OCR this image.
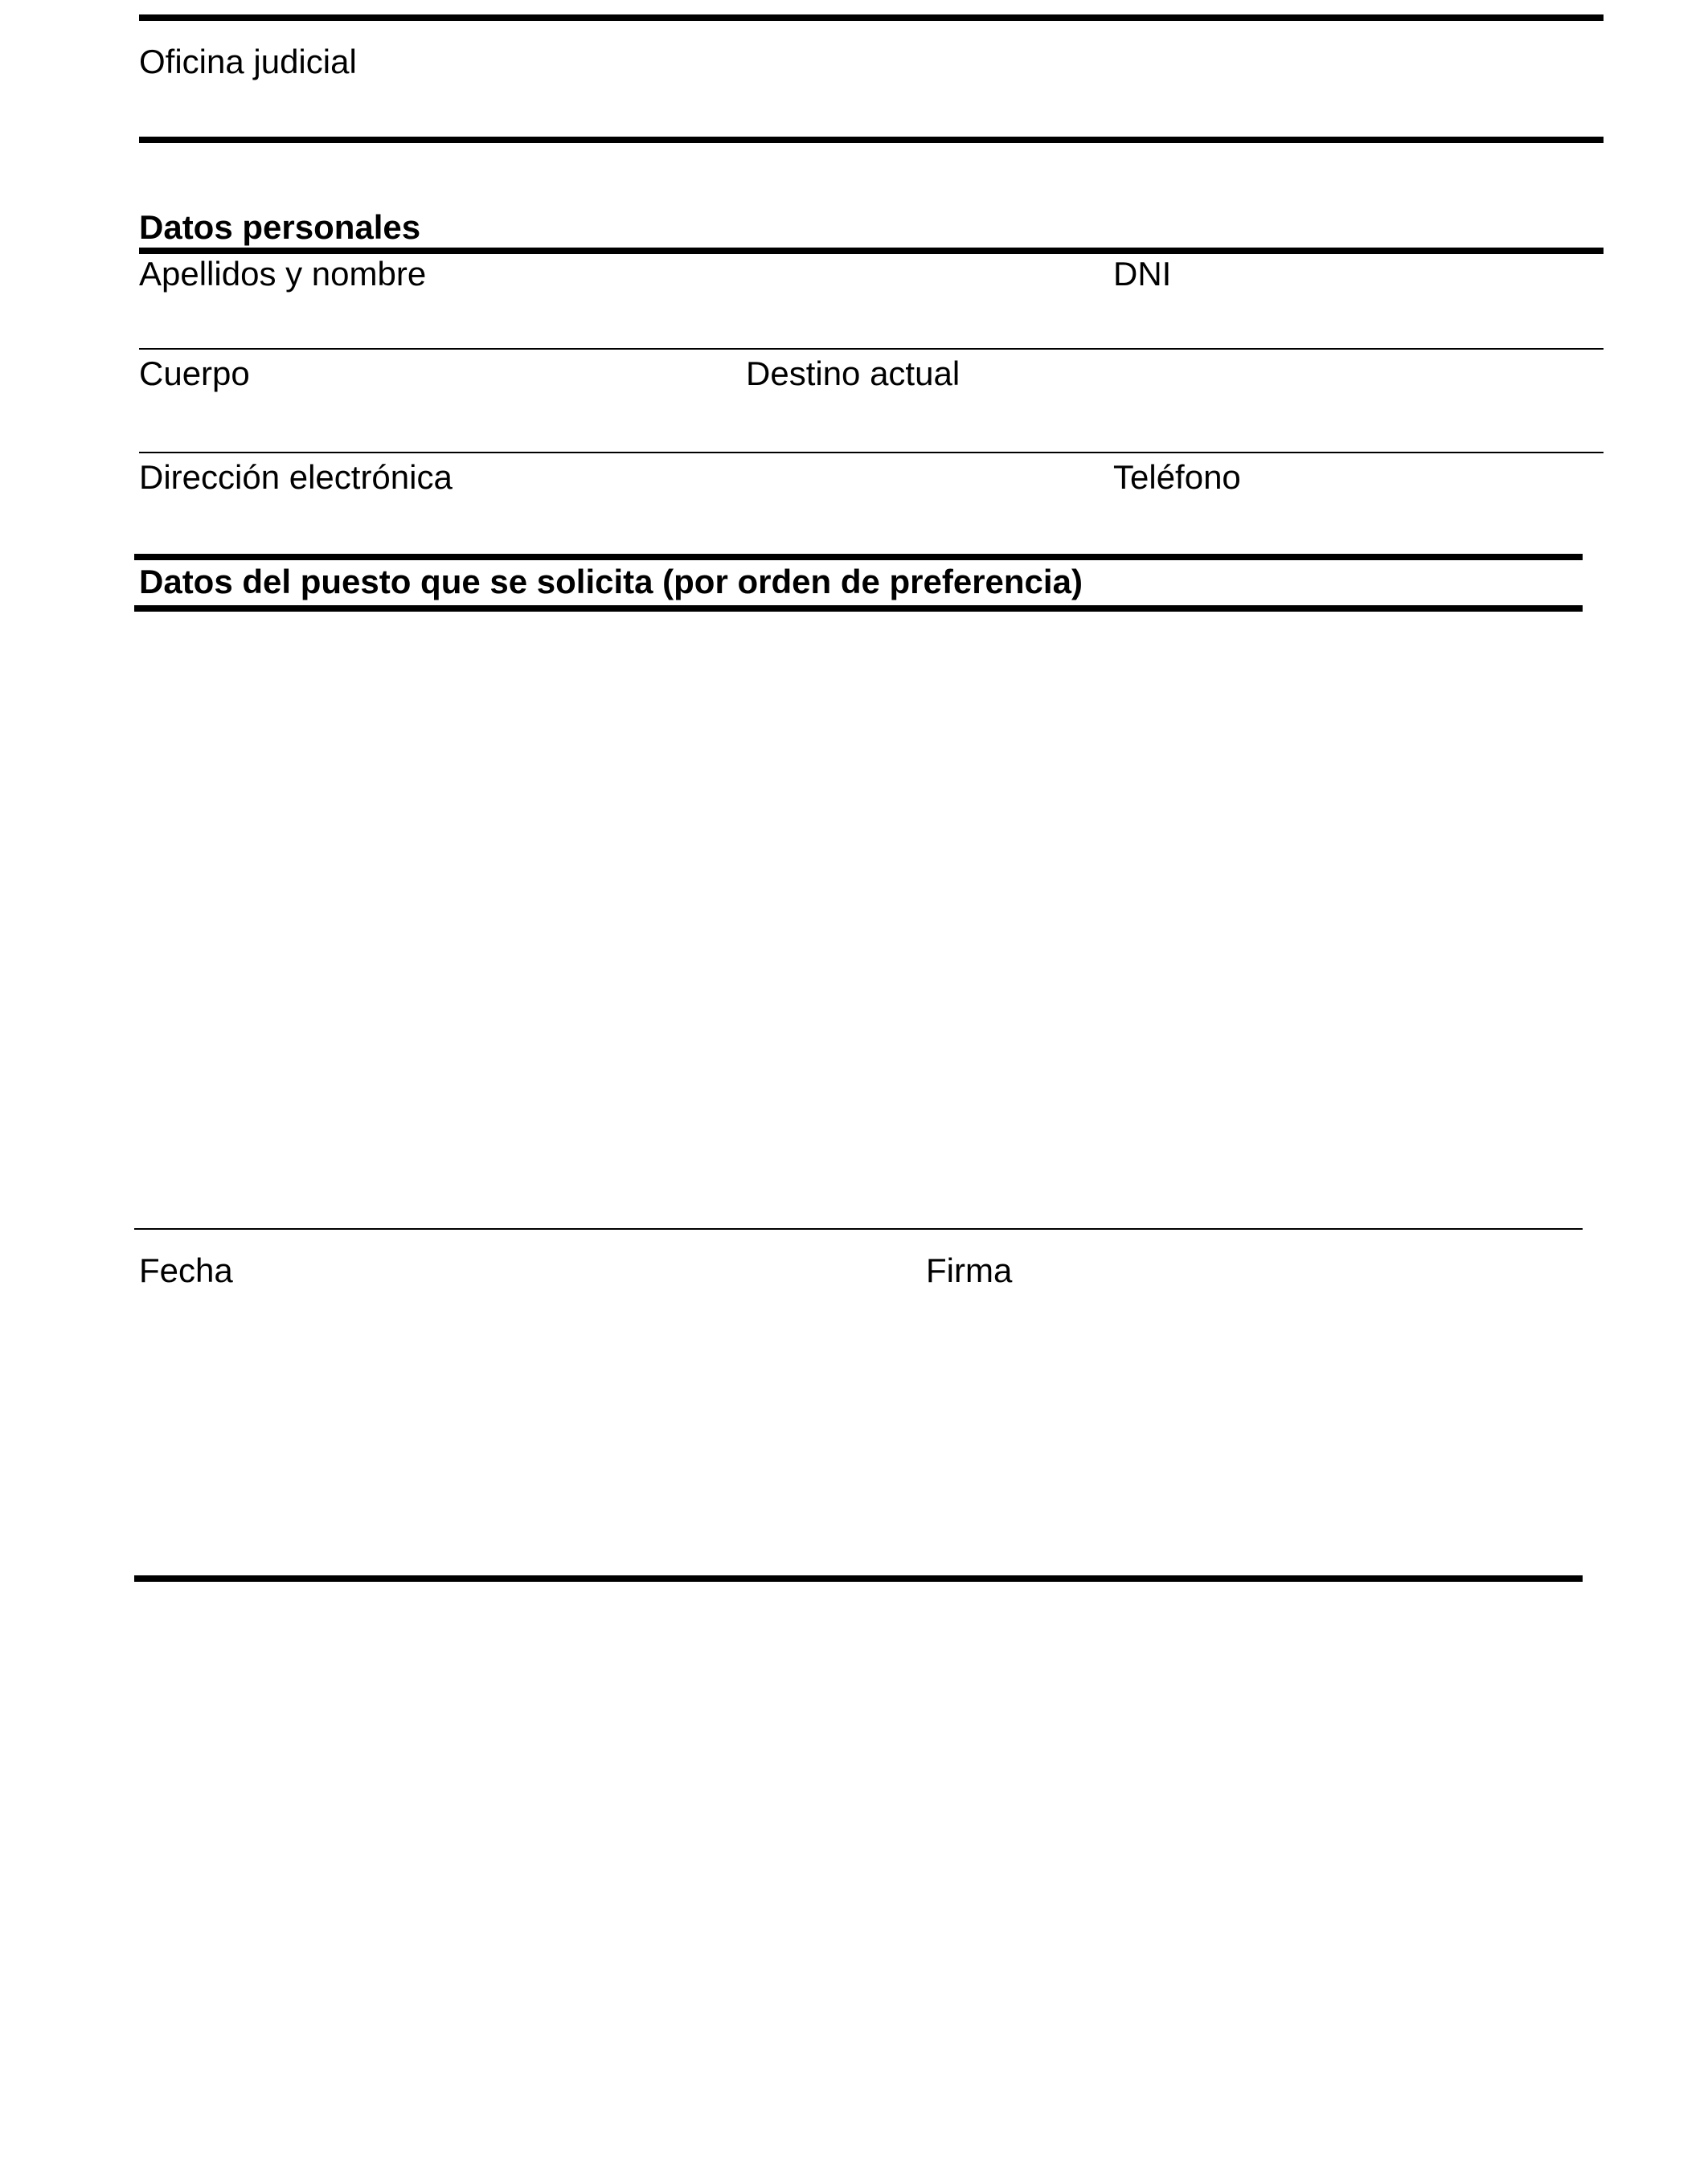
Oficina judicial
Datos personales
Apellidos y nombre	DNI
Cuerpo	Destino actual
Dirección electrónica	Teléfono
Datos del puesto que se solicita (por orden de preferencia)
Fecha	Firma
